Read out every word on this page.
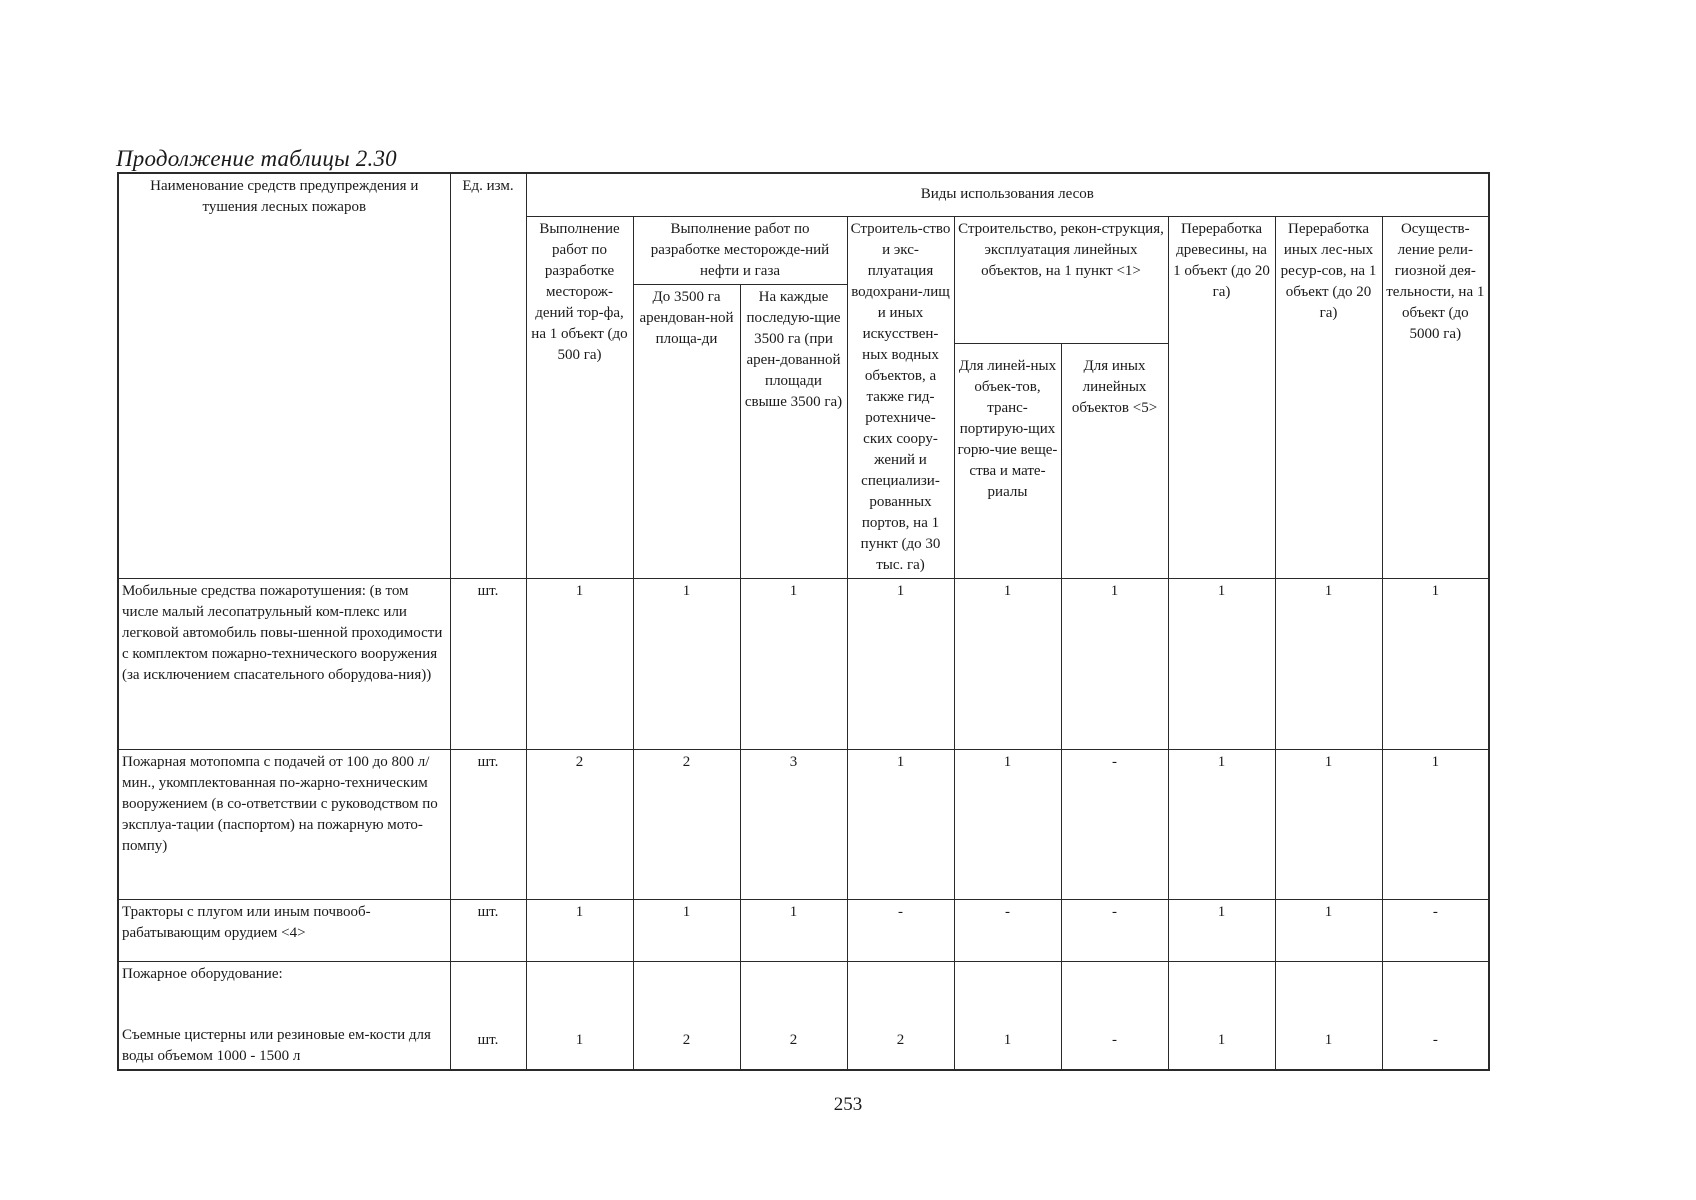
Продолжение таблицы 2.30
Наименование средств предупреждения и тушения лесных пожаров	Ед. изм.	Виды использования лесов								
		Выполнение работ по разработке месторож-дений тор-фа, на 1 объект (до 500 га)	Выполнение работ по разработке месторожде-ний нефти и газа		Строитель-ство и экс-плуатация водохрани-лищ и иных искусствен-ных водных объектов, а также гид-ротехниче-ских соору-жений и специализи-рованных портов, на 1 пункт (до 30 тыс. га)	Строительство, рекон-струкция, эксплуатация линейных объектов, на 1 пункт <1>		Переработка древесины, на 1 объект (до 20 га)	Переработка иных лес-ных ресур-сов, на 1 объект (до 20 га)	Осуществ-ление рели-гиозной дея-тельности, на 1 объект (до 5000 га)
			До 3500 га арендован-ной площа-ди	На каждые последую-щие 3500 га (при арен-дованной площади свыше 3500 га)						
						Для линей-ных объек-тов, транс-портирую-щих горю-чие веще-ства и мате-риалы	Для иных линейных объектов <5>			

Мобильные средства пожаротушения: (в том числе малый лесопатрульный ком-плекс или легковой автомобиль повы-шенной проходимости с комплектом пожарно-технического вооружения (за исключением спасательного оборудова-ния))	шт.	1	1	1	1	1	1	1	1	1
Пожарная мотопомпа с подачей от 100 до 800 л/мин., укомплектованная по-жарно-техническим вооружением (в со-ответствии с руководством по эксплуа-тации (паспортом) на пожарную мото-помпу)	шт.	2	2	3	1	1	-	1	1	1
Тракторы с плугом или иным почвооб-рабатывающим орудием <4>	шт.	1	1	1	-	-	-	1	1	-
Пожарное оборудование:
Съемные цистерны или резиновые ем-кости для воды объемом 1000 - 1500 л	шт.	1	2	2	2	1	-	1	1	-
253
